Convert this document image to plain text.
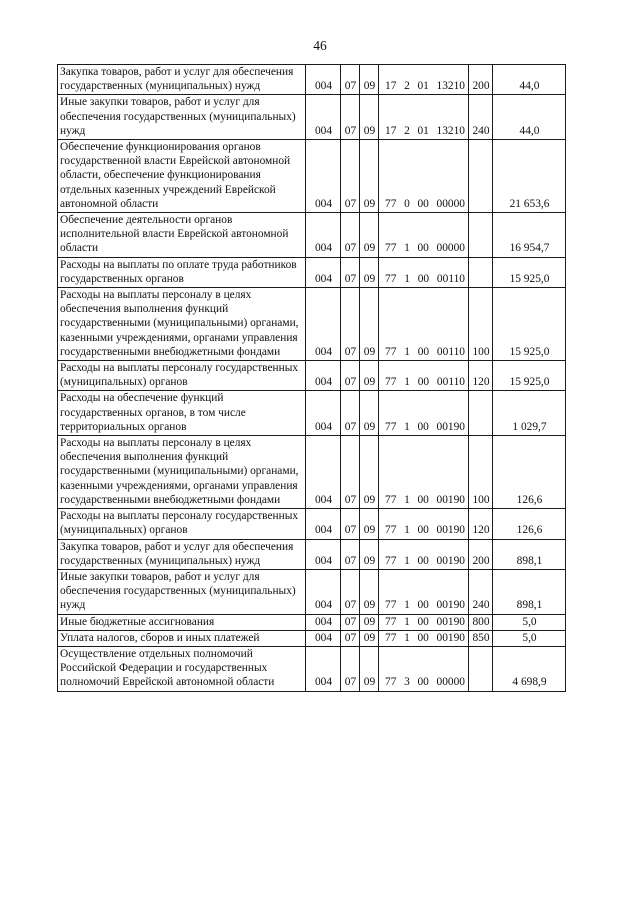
46
Закупка товаров, работ и услуг для обеспечения государственных (муниципальных) нужд	004	07	09	17 2 01 13210	200	44,0
Иные закупки товаров, работ и услуг для обеспечения государственных (муниципальных) нужд	004	07	09	17 2 01 13210	240	44,0
Обеспечение функционирования органов государственной власти Еврейской автономной области, обеспечение функционирования отдельных казенных учреждений Еврейской автономной области	004	07	09	77 0 00 00000		21 653,6
Обеспечение деятельности органов исполнительной власти Еврейской автономной области	004	07	09	77 1 00 00000		16 954,7
Расходы на выплаты по оплате труда работников государственных органов	004	07	09	77 1 00 00110		15 925,0
Расходы на выплаты персоналу в целях обеспечения выполнения функций государственными (муниципальными) органами, казенными учреждениями, органами управления государственными внебюджетными фондами	004	07	09	77 1 00 00110	100	15 925,0
Расходы на выплаты персоналу государственных (муниципальных) органов	004	07	09	77 1 00 00110	120	15 925,0
Расходы на обеспечение функций государственных органов, в том числе территориальных органов	004	07	09	77 1 00 00190		1 029,7
Расходы на выплаты персоналу в целях обеспечения выполнения функций государственными (муниципальными) органами, казенными учреждениями, органами управления государственными внебюджетными фондами	004	07	09	77 1 00 00190	100	126,6
Расходы на выплаты персоналу государственных (муниципальных) органов	004	07	09	77 1 00 00190	120	126,6
Закупка товаров, работ и услуг для обеспечения государственных (муниципальных) нужд	004	07	09	77 1 00 00190	200	898,1
Иные закупки товаров, работ и услуг для обеспечения государственных (муниципальных) нужд	004	07	09	77 1 00 00190	240	898,1
Иные бюджетные ассигнования	004	07	09	77 1 00 00190	800	5,0
Уплата налогов, сборов и иных платежей	004	07	09	77 1 00 00190	850	5,0
Осуществление отдельных полномочий Российской Федерации и государственных полномочий Еврейской автономной области	004	07	09	77 3 00 00000		4 698,9
